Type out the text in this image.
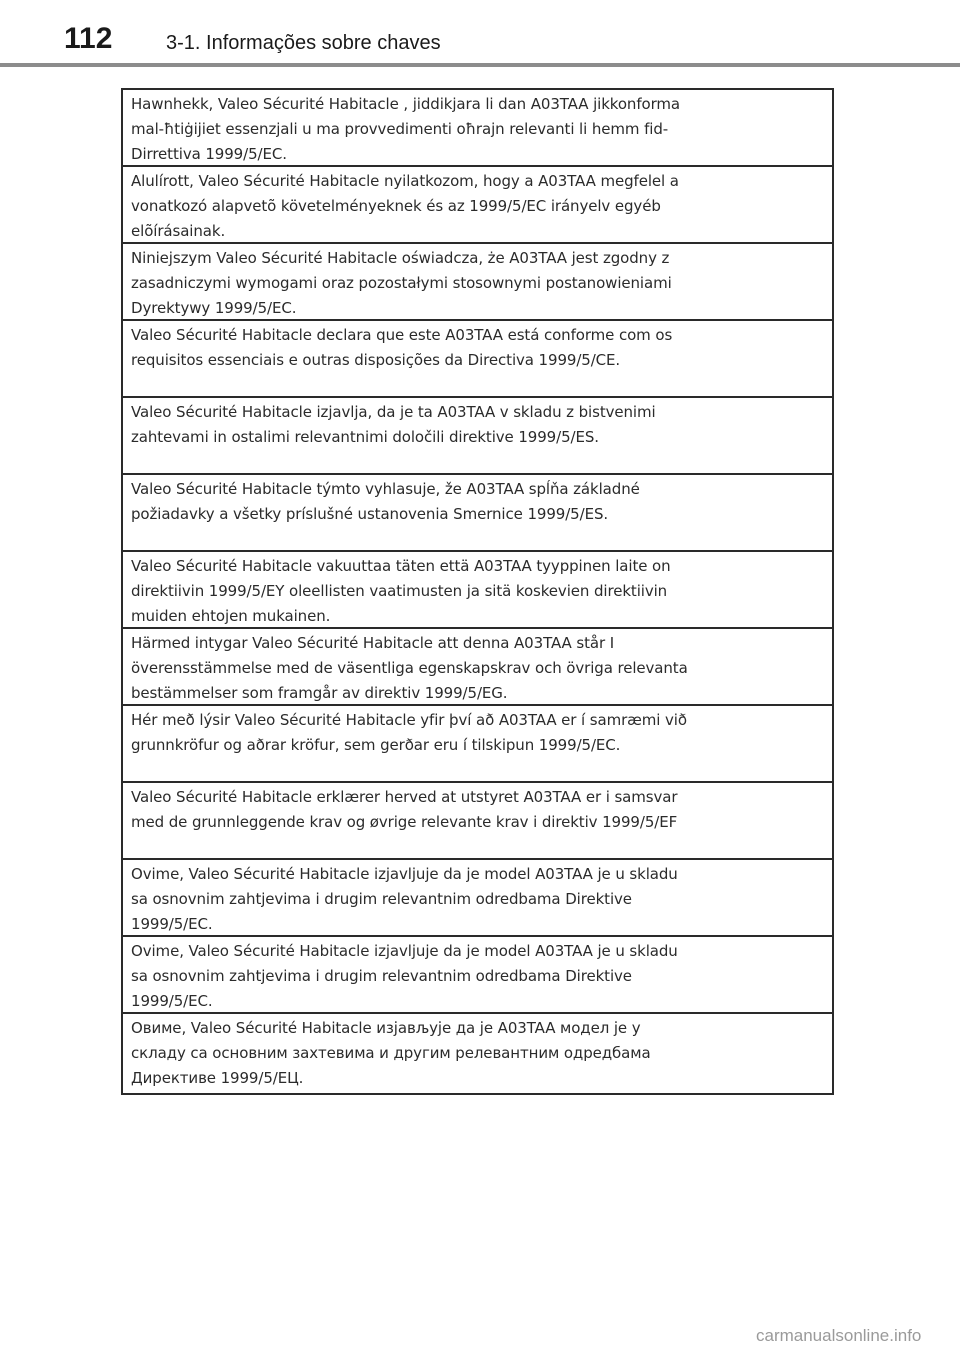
112	3-1. Informações sobre chaves
Hawnhekk, Valeo Sécurité Habitacle , jiddikjara li dan A03TAA jikkonforma
mal-ħtiġijiet essenzjali u ma provvedimenti oħrajn relevanti li hemm fid-
Dirrettiva 1999/5/EC.
Alulírott, Valeo Sécurité Habitacle nyilatkozom, hogy a A03TAA megfelel a
vonatkozó alapvetõ követelményeknek és az 1999/5/EC irányelv egyéb
elõírásainak.
Niniejszym Valeo Sécurité Habitacle oświadcza, że A03TAA jest zgodny z
zasadniczymi wymogami oraz pozostałymi stosownymi postanowieniami
Dyrektywy 1999/5/EC.
Valeo Sécurité Habitacle declara que este A03TAA está conforme com os
requisitos essenciais e outras disposições da Directiva 1999/5/CE.
Valeo Sécurité Habitacle izjavlja, da je ta A03TAA v skladu z bistvenimi
zahtevami in ostalimi relevantnimi določili direktive 1999/5/ES.
Valeo Sécurité Habitacle týmto vyhlasuje, že A03TAA spĺňa základné
požiadavky a všetky príslušné ustanovenia Smernice 1999/5/ES.
Valeo Sécurité Habitacle vakuuttaa täten että A03TAA tyyppinen laite on
direktiivin 1999/5/EY oleellisten vaatimusten ja sitä koskevien direktiivin
muiden ehtojen mukainen.
Härmed intygar Valeo Sécurité Habitacle att denna A03TAA står I
överensstämmelse med de väsentliga egenskapskrav och övriga relevanta
bestämmelser som framgår av direktiv 1999/5/EG.
Hér með lýsir Valeo Sécurité Habitacle yfir því að A03TAA er í samræmi við
grunnkröfur og aðrar kröfur, sem gerðar eru í tilskipun 1999/5/EC.
Valeo Sécurité Habitacle erklærer herved at utstyret A03TAA er i samsvar
med de grunnleggende krav og øvrige relevante krav i direktiv 1999/5/EF
Ovime, Valeo Sécurité Habitacle izjavljuje da je model A03TAA je u skladu
sa osnovnim zahtjevima i drugim relevantnim odredbama Direktive
1999/5/EC.
Ovime, Valeo Sécurité Habitacle izjavljuje da je model A03TAA je u skladu
sa osnovnim zahtjevima i drugim relevantnim odredbama Direktive
1999/5/EC.
Овиме, Valeo Sécurité Habitacle изјављује да је A03TAA модел је у
складу са основним захтевима и другим релевантним одредбама
Директиве 1999/5/ЕЦ.
carmanualsonline.info
